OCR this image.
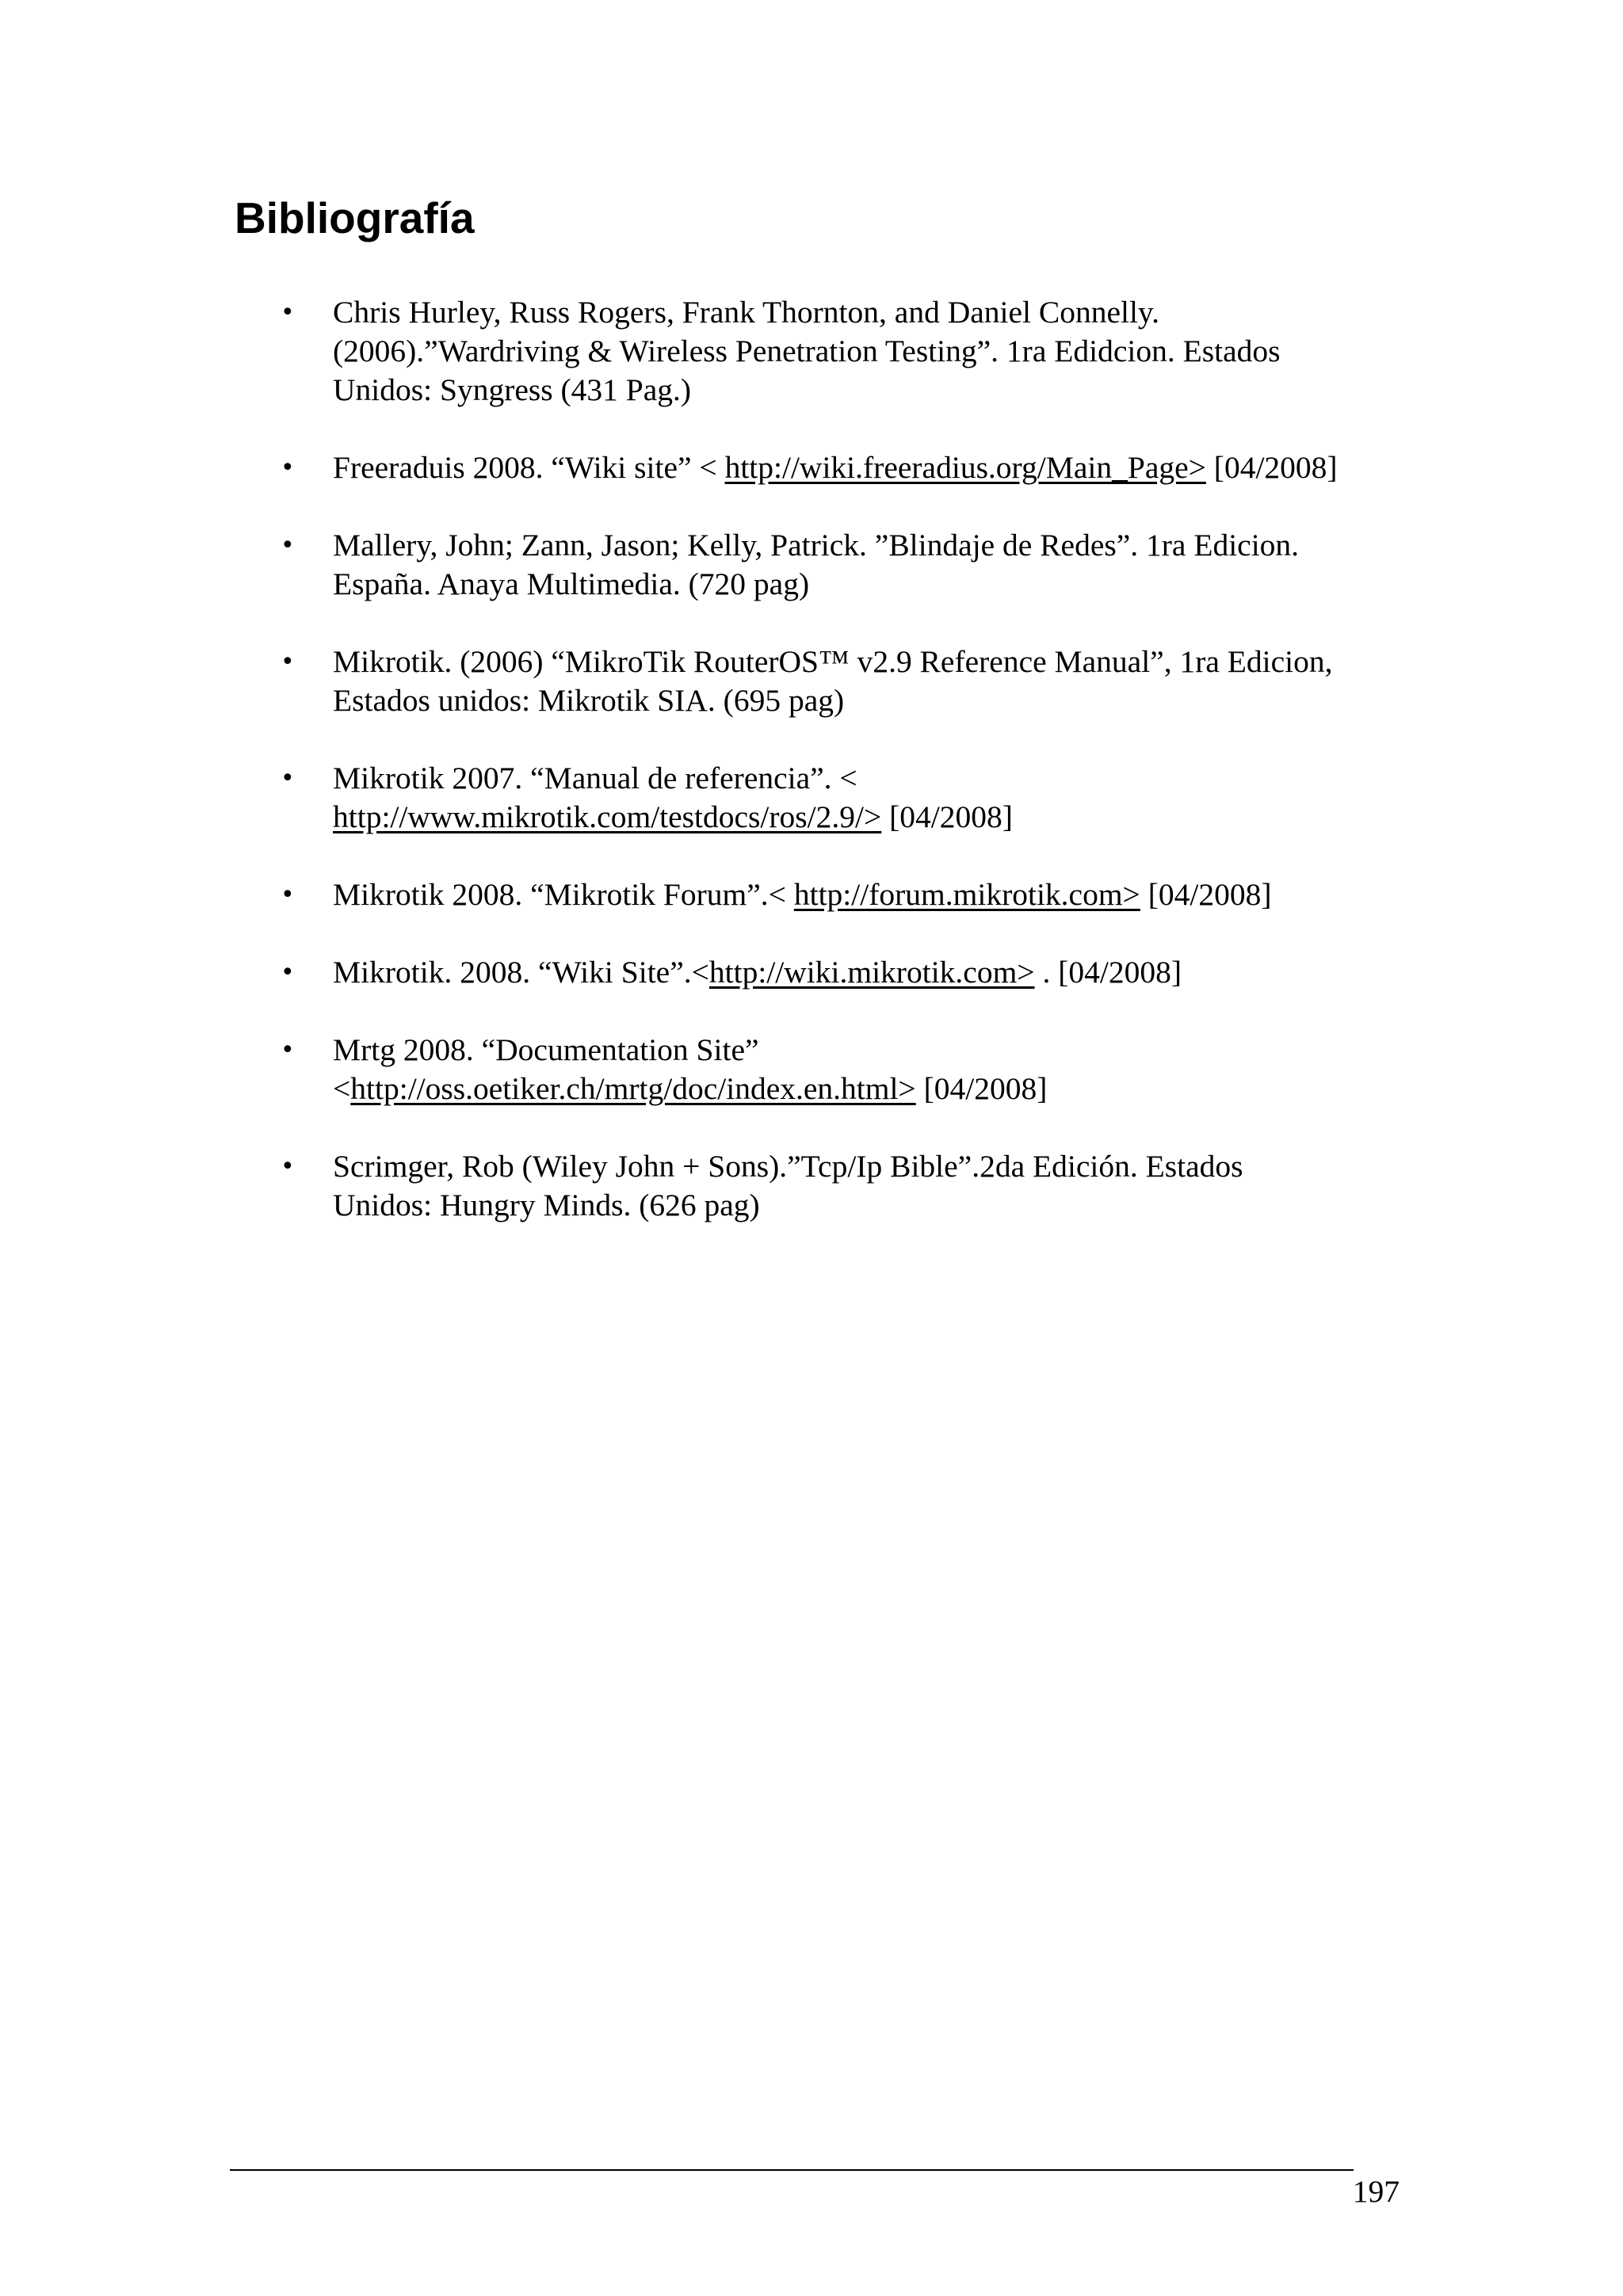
Bibliografía
• Chris Hurley, Russ Rogers, Frank Thornton, and Daniel Connelly.
(2006).”Wardriving & Wireless Penetration Testing”. 1ra Edidcion. Estados
Unidos: Syngress (431 Pag.)
• Freeraduis 2008. “Wiki site” < http://wiki.freeradius.org/Main_Page> [04/2008]
• Mallery, John; Zann, Jason; Kelly, Patrick. ”Blindaje de Redes”. 1ra Edicion.
España. Anaya Multimedia. (720 pag)
• Mikrotik. (2006) “MikroTik RouterOS™ v2.9 Reference Manual”, 1ra Edicion,
Estados unidos: Mikrotik SIA. (695 pag)
• Mikrotik 2007. “Manual de referencia”. <
http://www.mikrotik.com/testdocs/ros/2.9/> [04/2008]
• Mikrotik 2008. “Mikrotik Forum”.< http://forum.mikrotik.com> [04/2008]
• Mikrotik. 2008. “Wiki Site”.<http://wiki.mikrotik.com> . [04/2008]
• Mrtg 2008. “Documentation Site”
<http://oss.oetiker.ch/mrtg/doc/index.en.html> [04/2008]
• Scrimger, Rob (Wiley John + Sons).”Tcp/Ip Bible”.2da Edición. Estados
Unidos: Hungry Minds. (626 pag)
197
